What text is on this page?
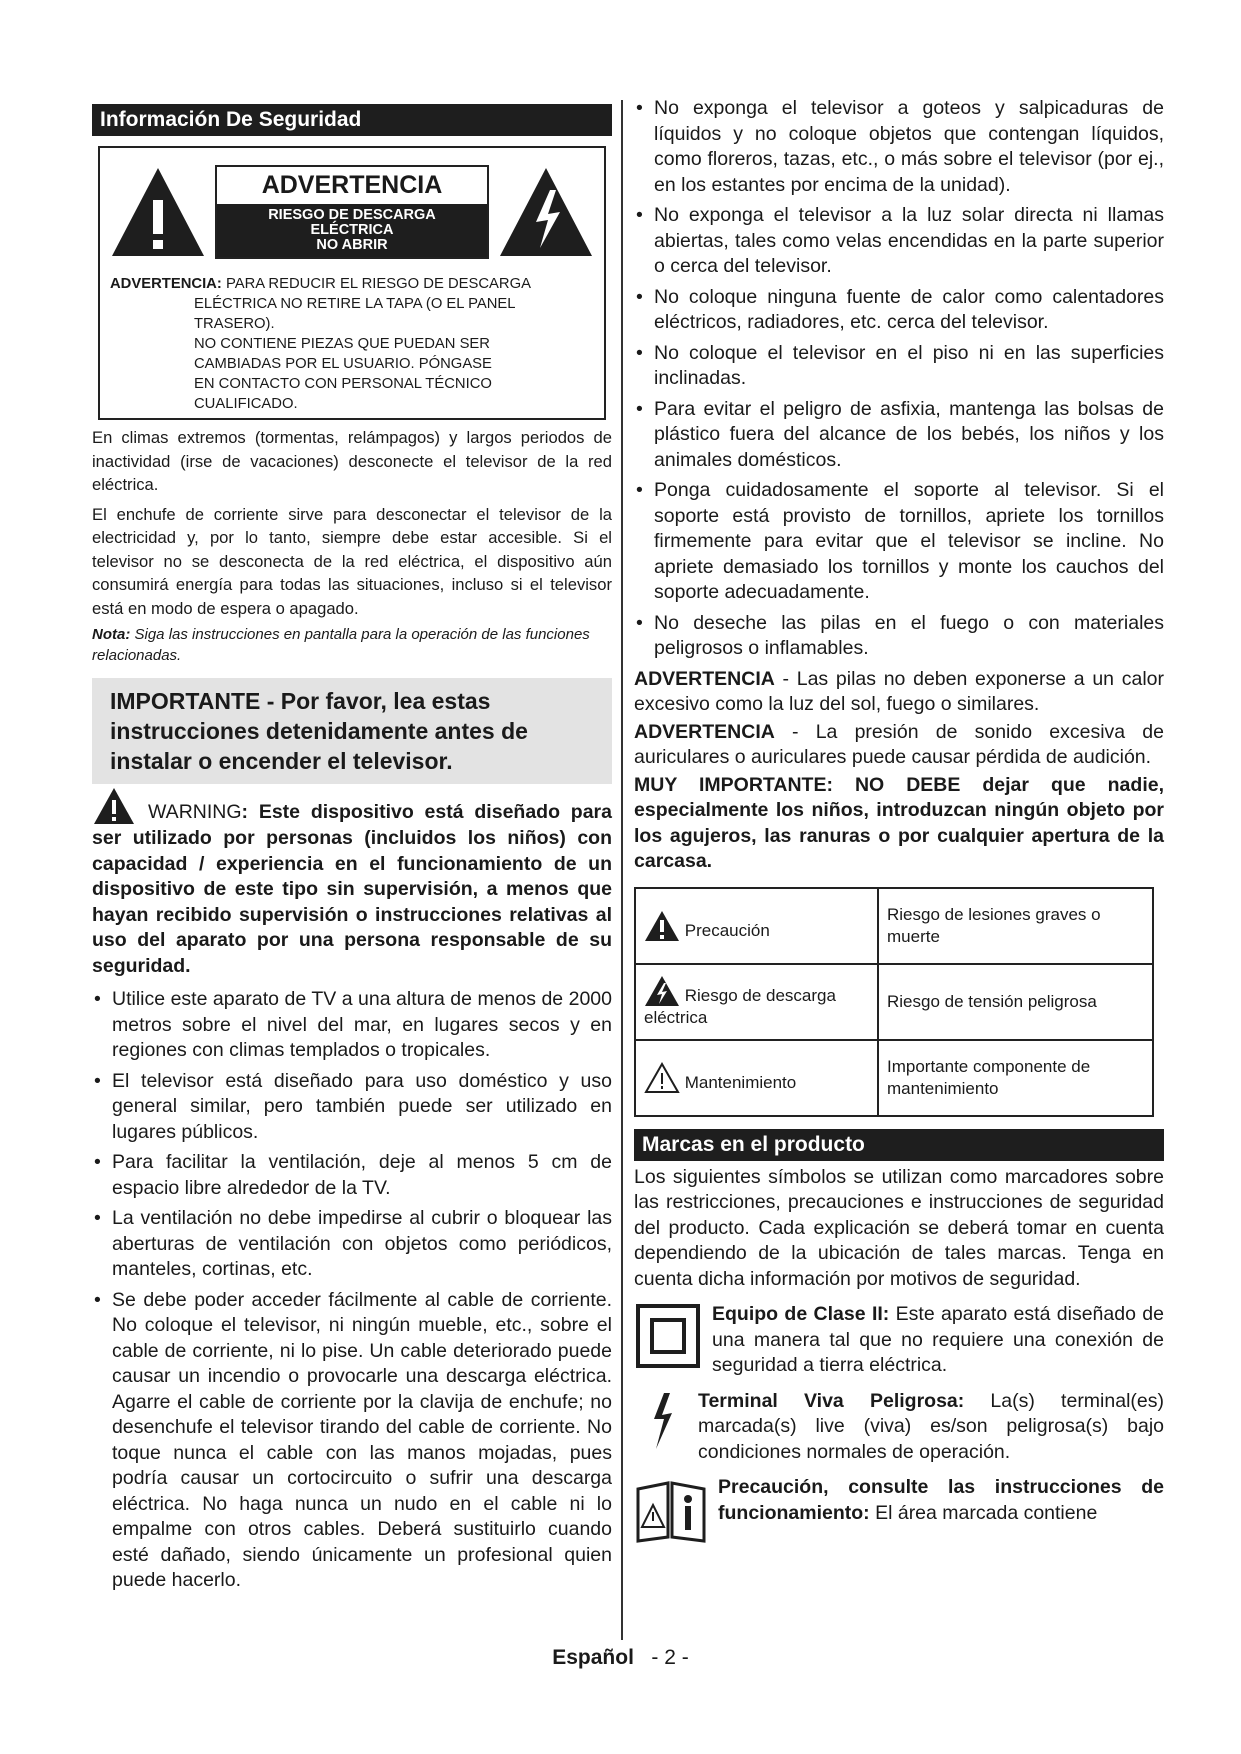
Información De Seguridad
ADVERTENCIA
RIESGO DE DESCARGA
ELÉCTRICA
NO ABRIR
ADVERTENCIA: PARA REDUCIR EL RIESGO DE DESCARGA
ELÉCTRICA NO RETIRE LA TAPA (O EL PANEL
TRASERO).
NO CONTIENE PIEZAS QUE PUEDAN SER
CAMBIADAS POR EL USUARIO. PÓNGASE
EN CONTACTO CON PERSONAL TÉCNICO
CUALIFICADO.

En climas extremos (tormentas, relámpagos) y largos periodos de inactividad (irse de vacaciones) desconecte el televisor de la red eléctrica.

El enchufe de corriente sirve para desconectar el televisor de la electricidad y, por lo tanto, siempre debe estar accesible. Si el televisor no se desconecta de la red eléctrica, el dispositivo aún consumirá energía para todas las situaciones, incluso si el televisor está en modo de espera o apagado.

Nota: Siga las instrucciones en pantalla para la operación de las funciones relacionadas.

IMPORTANTE - Por favor, lea estas instrucciones detenidamente antes de instalar o encender el televisor.
WARNING: Este dispositivo está diseñado para ser utilizado por personas (incluidos los niños) con capacidad / experiencia en el funcionamiento de un dispositivo de este tipo sin supervisión, a menos que hayan recibido supervisión o instrucciones relativas al uso del aparato por una persona responsable de su seguridad.
• Utilice este aparato de TV a una altura de menos de 2000 metros sobre el nivel del mar, en lugares secos y en regiones con climas templados o tropicales.
• El televisor está diseñado para uso doméstico y uso general similar, pero también puede ser utilizado en lugares públicos.
• Para facilitar la ventilación, deje al menos 5 cm de espacio libre alrededor de la TV.
• La ventilación no debe impedirse al cubrir o bloquear las aberturas de ventilación con objetos como periódicos, manteles, cortinas, etc.
• Se debe poder acceder fácilmente al cable de corriente. No coloque el televisor, ni ningún mueble, etc., sobre el cable de corriente, ni lo pise. Un cable deteriorado puede causar un incendio o provocarle una descarga eléctrica. Agarre el cable de corriente por la clavija de enchufe; no desenchufe el televisor tirando del cable de corriente. No toque nunca el cable con las manos mojadas, pues podría causar un cortocircuito o sufrir una descarga eléctrica. No haga nunca un nudo en el cable ni lo empalme con otros cables. Deberá sustituirlo cuando esté dañado, siendo únicamente un profesional quien puede hacerlo.
• No exponga el televisor a goteos y salpicaduras de líquidos y no coloque objetos que contengan líquidos, como floreros, tazas, etc., o más sobre el televisor (por ej., en los estantes por encima de la unidad).
• No exponga el televisor a la luz solar directa ni llamas abiertas, tales como velas encendidas en la parte superior o cerca del televisor.
• No coloque ninguna fuente de calor como calentadores eléctricos, radiadores, etc. cerca del televisor.
• No coloque el televisor en el piso ni en las superficies inclinadas.
• Para evitar el peligro de asfixia, mantenga las bolsas de plástico fuera del alcance de los bebés, los niños y los animales domésticos.
• Ponga cuidadosamente el soporte al televisor. Si el soporte está provisto de tornillos, apriete los tornillos firmemente para evitar que el televisor se incline. No apriete demasiado los tornillos y monte los cauchos del soporte adecuadamente.
• No deseche las pilas en el fuego o con materiales peligrosos o inflamables.

ADVERTENCIA - Las pilas no deben exponerse a un calor excesivo como la luz del sol, fuego o similares.

ADVERTENCIA - La presión de sonido excesiva de auriculares o auriculares puede causar pérdida de audición.

MUY IMPORTANTE: NO DEBE dejar que nadie, especialmente los niños, introduzcan ningún objeto por los agujeros, las ranuras o por cualquier apertura de la carcasa.

Precaución	Riesgo de lesiones graves o muerte
Riesgo de descarga eléctrica	Riesgo de tensión peligrosa
Mantenimiento	Importante componente de mantenimiento
Marcas en el producto

Los siguientes símbolos se utilizan como marcadores sobre las restricciones, precauciones e instrucciones de seguridad del producto. Cada explicación se deberá tomar en cuenta dependiendo de la ubicación de tales marcas. Tenga en cuenta dicha información por motivos de seguridad.

Equipo de Clase II: Este aparato está diseñado de una manera tal que no requiere una conexión de seguridad a tierra eléctrica.
Terminal Viva Peligrosa: La(s) terminal(es) marcada(s) live (viva) es/son peligrosa(s) bajo condiciones normales de operación.
Precaución, consulte las instrucciones de funcionamiento: El área marcada contiene
Español - 2 -
